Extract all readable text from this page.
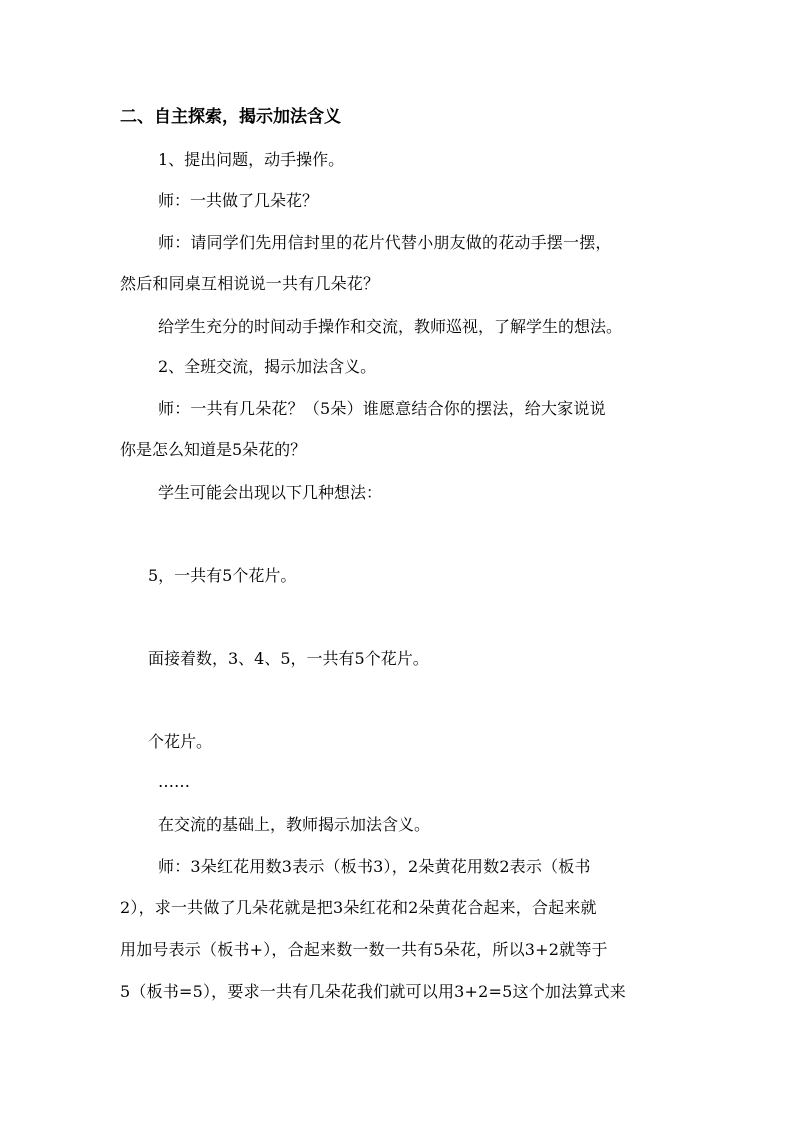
二、自主探索，揭示加法含义
1、提出问题，动手操作。
师：一共做了几朵花？
师：请同学们先用信封里的花片代替小朋友做的花动手摆一摆，
然后和同桌互相说说一共有几朵花？
给学生充分的时间动手操作和交流，教师巡视，了解学生的想法。
2、全班交流，揭示加法含义。
师：一共有几朵花？（5朵）谁愿意结合你的摆法，给大家说说
你是怎么知道是5朵花的？
学生可能会出现以下几种想法：
5，一共有5个花片。
面接着数，3、4、5，一共有5个花片。
个花片。
……
在交流的基础上，教师揭示加法含义。
师：3朵红花用数3表示（板书3），2朵黄花用数2表示（板书
2），求一共做了几朵花就是把3朵红花和2朵黄花合起来，合起来就
用加号表示（板书+），合起来数一数一共有5朵花，所以3+2就等于
5（板书=5），要求一共有几朵花我们就可以用3+2=5这个加法算式来
